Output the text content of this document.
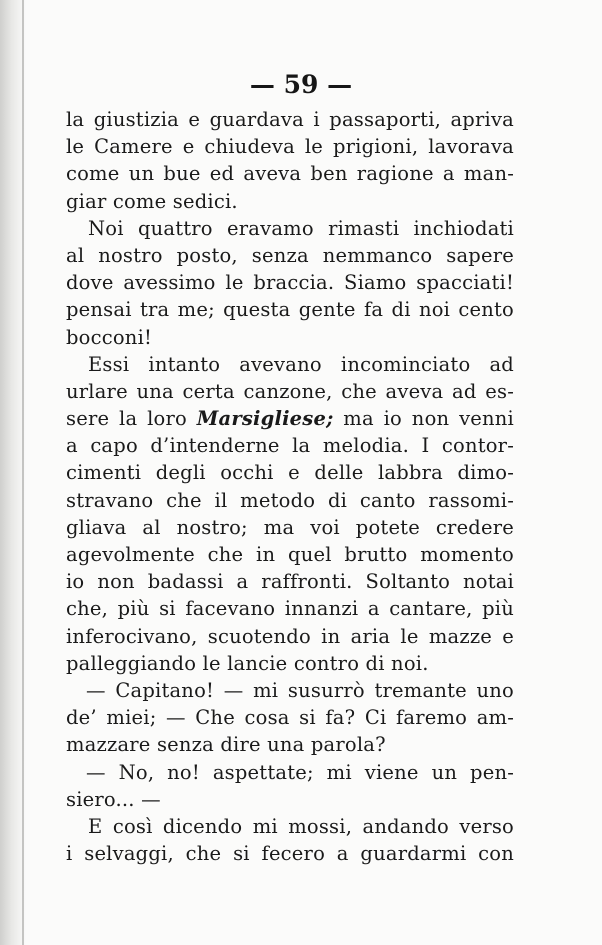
— 59 —
la giustizia e guardava i passaporti, apriva
le Camere e chiudeva le prigioni, lavorava
come un bue ed aveva ben ragione a man-
giar come sedici.
Noi quattro eravamo rimasti inchiodati
al nostro posto, senza nemmanco sapere
dove avessimo le braccia. Siamo spacciati!
pensai tra me; questa gente fa di noi cento
bocconi!
Essi intanto avevano incominciato ad
urlare una certa canzone, che aveva ad es-
sere la loro Marsigliese; ma io non venni
a capo d’intenderne la melodia. I contor-
cimenti degli occhi e delle labbra dimo-
stravano che il metodo di canto rassomi-
gliava al nostro; ma voi potete credere
agevolmente che in quel brutto momento
io non badassi a raffronti. Soltanto notai
che, più si facevano innanzi a cantare, più
inferocivano, scuotendo in aria le mazze e
palleggiando le lancie contro di noi.
— Capitano! — mi susurrò tremante uno
de’ miei; — Che cosa si fa? Ci faremo am-
mazzare senza dire una parola?
— No, no! aspettate; mi viene un pen-
siero... —
E così dicendo mi mossi, andando verso
i selvaggi, che si fecero a guardarmi con
